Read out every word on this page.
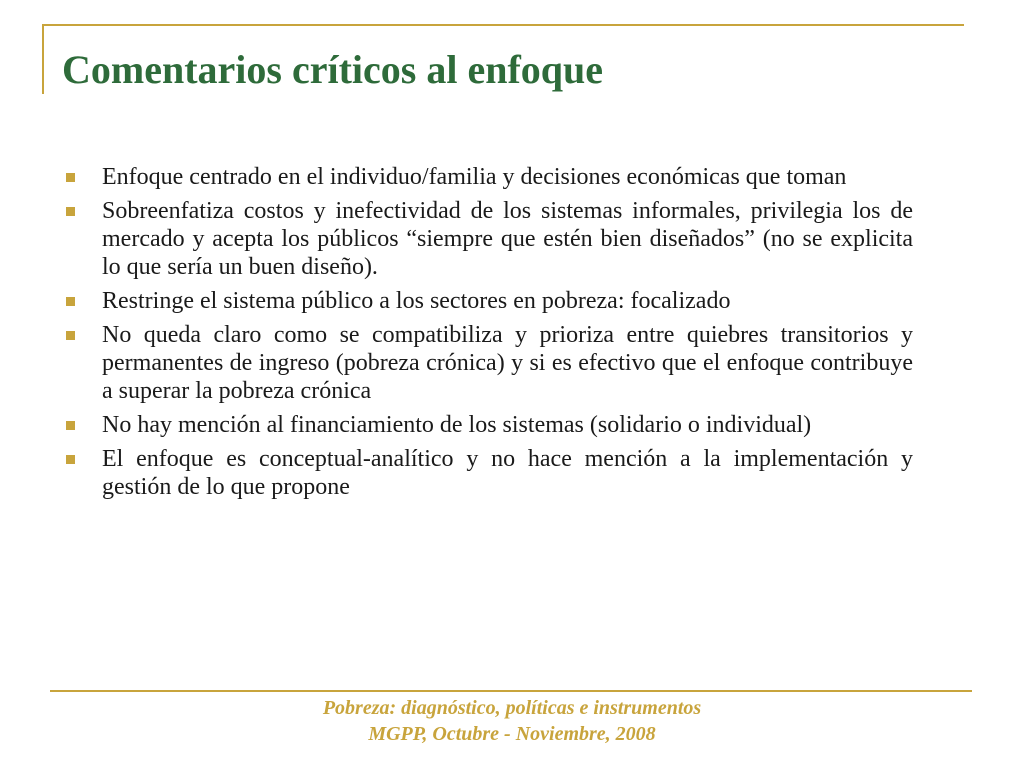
Comentarios críticos al enfoque
Enfoque centrado en el individuo/familia y decisiones económicas que toman
Sobreenfatiza costos y inefectividad de los sistemas informales, privilegia los de mercado y acepta los públicos “siempre que estén bien diseñados” (no se explicita lo que sería un buen diseño).
Restringe el sistema público a los sectores en pobreza: focalizado
No queda claro como se compatibiliza y prioriza entre quiebres transitorios y permanentes de ingreso (pobreza crónica) y si es efectivo que el enfoque contribuye a superar la pobreza crónica
No hay mención al financiamiento de los sistemas (solidario o individual)
El enfoque es conceptual-analítico y no hace mención a la implementación y gestión de lo que propone
Pobreza: diagnóstico, políticas e instrumentos
MGPP, Octubre - Noviembre, 2008
